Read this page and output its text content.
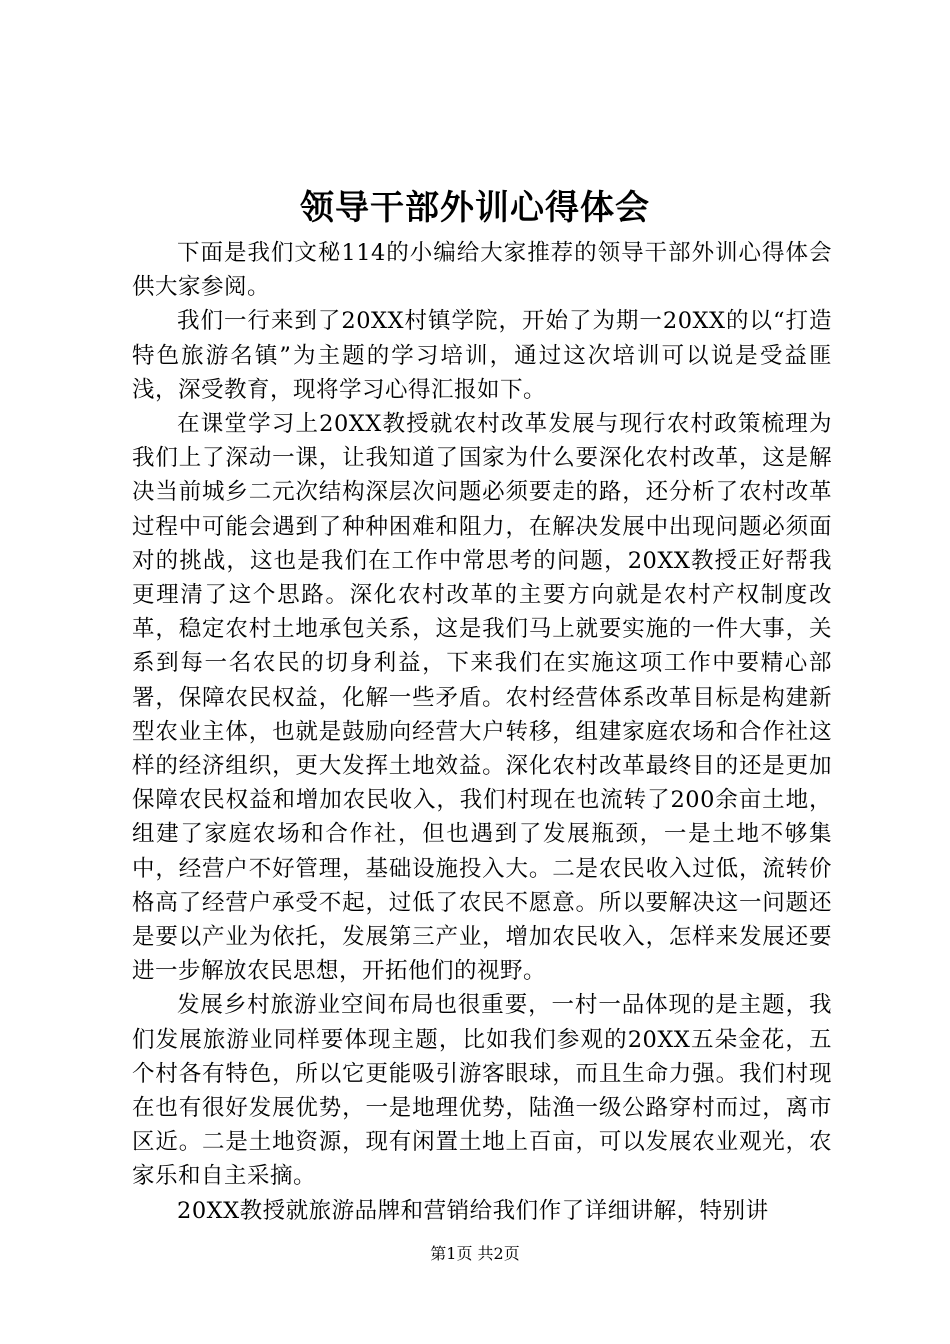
领导干部外训心得体会

下面是我们文秘114的小编给大家推荐的领导干部外训心得体会供大家参阅。

我们一行来到了20XX村镇学院，开始了为期一20XX的以“打造特色旅游名镇”为主题的学习培训，通过这次培训可以说是受益匪浅，深受教育，现将学习心得汇报如下。

在课堂学习上20XX教授就农村改革发展与现行农村政策梳理为我们上了深动一课，让我知道了国家为什么要深化农村改革，这是解决当前城乡二元次结构深层次问题必须要走的路，还分析了农村改革过程中可能会遇到了种种困难和阻力，在解决发展中出现问题必须面对的挑战，这也是我们在工作中常思考的问题，20XX教授正好帮我更理清了这个思路。深化农村改革的主要方向就是农村产权制度改革，稳定农村土地承包关系，这是我们马上就要实施的一件大事，关系到每一名农民的切身利益，下来我们在实施这项工作中要精心部署，保障农民权益，化解一些矛盾。农村经营体系改革目标是构建新型农业主体，也就是鼓励向经营大户转移，组建家庭农场和合作社这样的经济组织，更大发挥土地效益。深化农村改革最终目的还是更加保障农民权益和增加农民收入，我们村现在也流转了200余亩土地，组建了家庭农场和合作社，但也遇到了发展瓶颈，一是土地不够集中，经营户不好管理，基础设施投入大。二是农民收入过低，流转价格高了经营户承受不起，过低了农民不愿意。所以要解决这一问题还是要以产业为依托，发展第三产业，增加农民收入，怎样来发展还要进一步解放农民思想，开拓他们的视野。

发展乡村旅游业空间布局也很重要，一村一品体现的是主题，我们发展旅游业同样要体现主题，比如我们参观的20XX五朵金花，五个村各有特色，所以它更能吸引游客眼球，而且生命力强。我们村现在也有很好发展优势，一是地理优势，陆渔一级公路穿村而过，离市区近。二是土地资源，现有闲置土地上百亩，可以发展农业观光，农家乐和自主采摘。

20XX教授就旅游品牌和营销给我们作了详细讲解，特别讲

第1页 共2页
